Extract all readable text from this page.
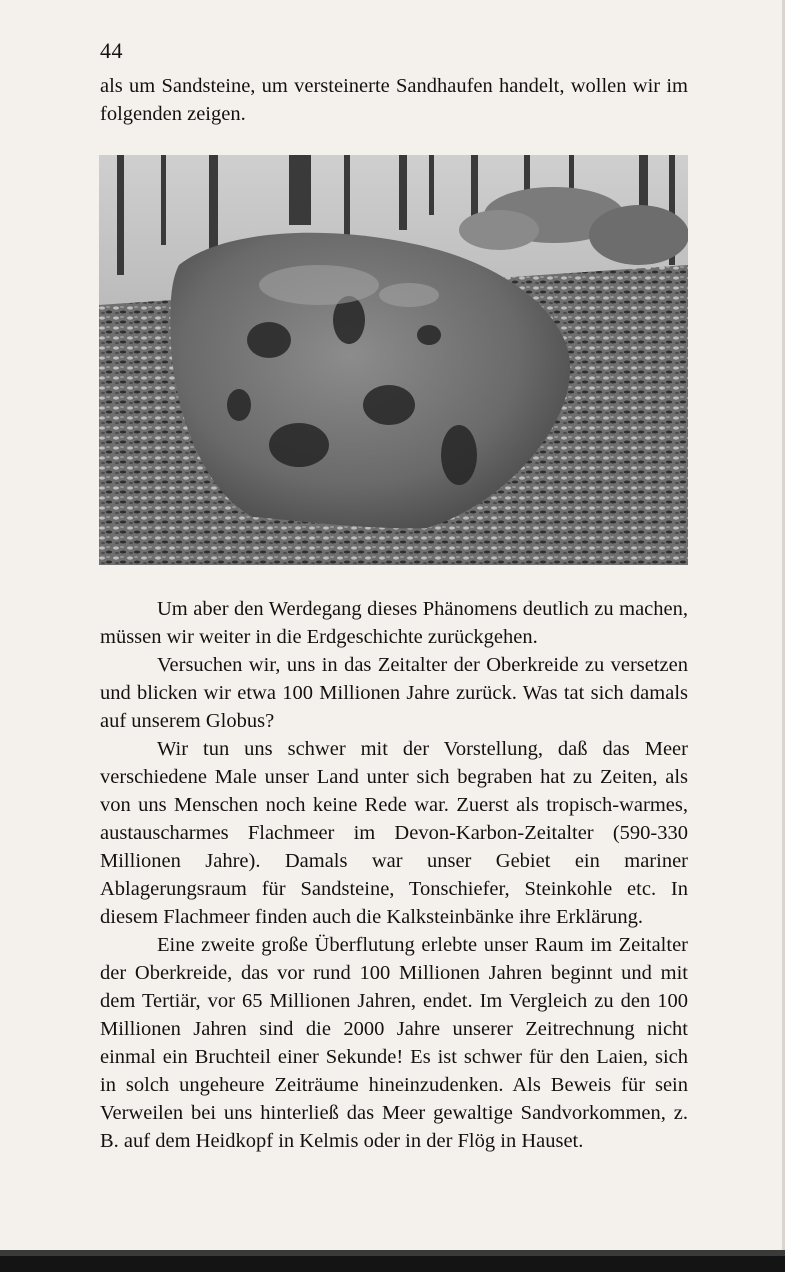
44

als um Sandsteine, um versteinerte Sandhaufen handelt, wollen wir im folgenden zeigen.

Um aber den Werdegang dieses Phänomens deutlich zu machen, müssen wir weiter in die Erdgeschichte zurückgehen.

Versuchen wir, uns in das Zeitalter der Oberkreide zu versetzen und blicken wir etwa 100 Millionen Jahre zurück. Was tat sich damals auf unserem Globus?

Wir tun uns schwer mit der Vorstellung, daß das Meer verschiedene Male unser Land unter sich begraben hat zu Zeiten, als von uns Menschen noch keine Rede war. Zuerst als tropisch-warmes, austauscharmes Flachmeer im Devon-Karbon-Zeitalter (590-330 Millionen Jahre). Damals war unser Gebiet ein mariner Ablagerungsraum für Sandsteine, Tonschiefer, Steinkohle etc. In diesem Flachmeer finden auch die Kalksteinbänke ihre Erklärung.

Eine zweite große Überflutung erlebte unser Raum im Zeitalter der Oberkreide, das vor rund 100 Millionen Jahren beginnt und mit dem Tertiär, vor 65 Millionen Jahren, endet. Im Vergleich zu den 100 Millionen Jahren sind die 2000 Jahre unserer Zeitrechnung nicht einmal ein Bruchteil einer Sekunde! Es ist schwer für den Laien, sich in solch ungeheure Zeiträume hineinzudenken. Als Beweis für sein Verweilen bei uns hinterließ das Meer gewaltige Sandvorkommen, z. B. auf dem Heidkopf in Kelmis oder in der Flög in Hauset.
